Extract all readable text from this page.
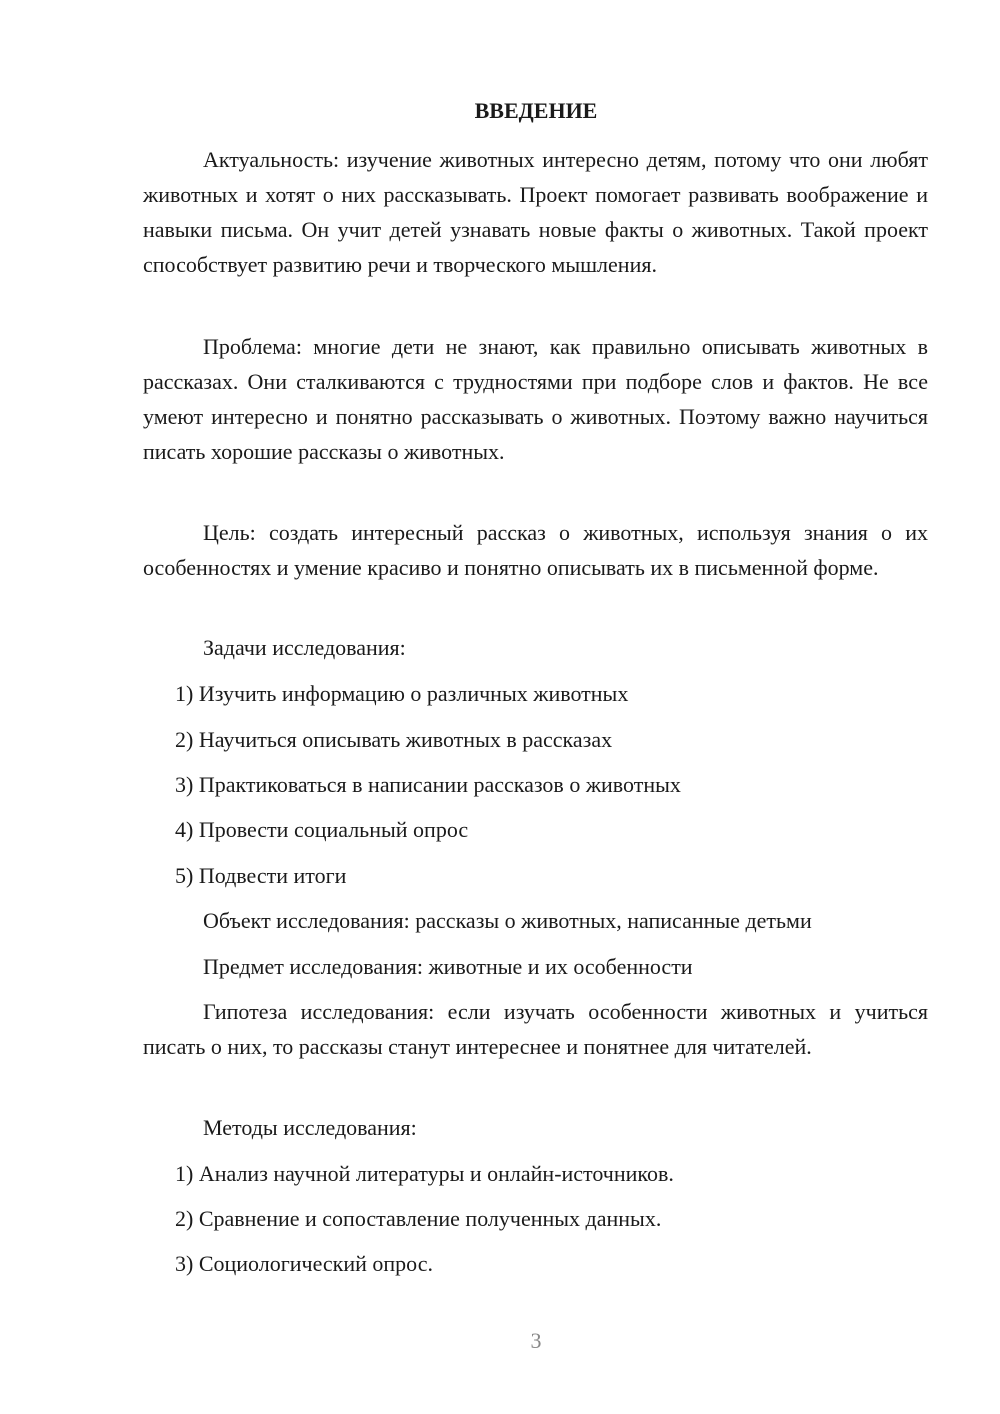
ВВЕДЕНИЕ

Актуальность: изучение животных интересно детям, потому что они любят животных и хотят о них рассказывать. Проект помогает развивать воображение и навыки письма. Он учит детей узнавать новые факты о животных. Такой проект способствует развитию речи и творческого мышления.

Проблема: многие дети не знают, как правильно описывать животных в рассказах. Они сталкиваются с трудностями при подборе слов и фактов. Не все умеют интересно и понятно рассказывать о животных. Поэтому важно научиться писать хорошие рассказы о животных.

Цель: создать интересный рассказ о животных, используя знания о их особенностях и умение красиво и понятно описывать их в письменной форме.

Задачи исследования:

1) Изучить информацию о различных животных

2) Научиться описывать животных в рассказах

3) Практиковаться в написании рассказов о животных

4) Провести социальный опрос

5) Подвести итоги

Объект исследования: рассказы о животных, написанные детьми

Предмет исследования: животные и их особенности

Гипотеза исследования: если изучать особенности животных и учиться писать о них, то рассказы станут интереснее и понятнее для читателей.

Методы исследования:

1) Анализ научной литературы и онлайн-источников.

2) Сравнение и сопоставление полученных данных.

3) Социологический опрос.

3
